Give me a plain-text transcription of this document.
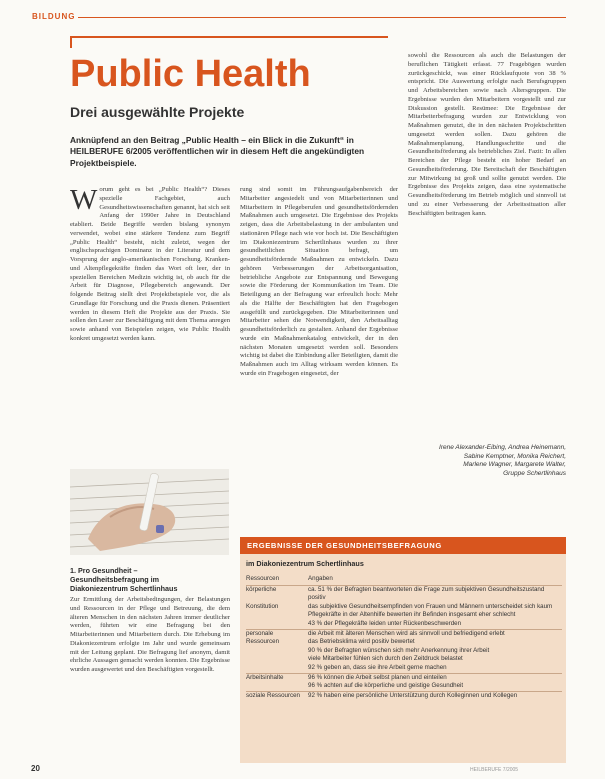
BILDUNG
Public Health
Drei ausgewählte Projekte
Anknüpfend an den Beitrag „Public Health – ein Blick in die Zukunft“ in HEILBERUFE 6/2005 veröffentlichen wir in diesem Heft die angekündigten Projektbeispiele.
Worum geht es bei „Public Health“? Dieses spezielle Fachgebiet, auch Gesundheitswissenschaften genannt, hat sich seit Anfang der 1990er Jahre in Deutschland etabliert. Beide Begriffe werden bislang synonym verwendet, wobei eine stärkere Tendenz zum Begriff „Public Health“ besteht, nicht zuletzt, wegen der englischsprachigen Dominanz in der Literatur und dem Vorsprung der anglo-amerikanischen Forschung. Kranken- und Altenpflegekräfte finden das Wort oft leer, der in speziellen Bereichen Medizin wichtig ist, ob auch für die Arbeit für Diagnose, Pflegebereich angewandt. Der folgende Beitrag stellt drei Projektbeispiele vor, die als Grundlage für Forschung und die Praxis dienen. Präsentiert werden in diesem Heft die Projekte aus der Praxis. Sie sollen den Leser zur Beschäftigung mit dem Thema anregen sowie anhand von Beispielen zeigen, wie Public Health konkret umgesetzt werden kann.
1. Pro Gesundheit –
Gesundheitsbefragung im
Diakoniezentrum Schertlinhaus
Zur Ermittlung der Arbeitsbedingungen, der Belastungen und Ressourcen in der Pflege und Betreuung, die dem älteren Menschen in den nächsten Jahren immer deutlicher werden, führten wir eine Befragung bei den Mitarbeiterinnen und Mitarbeitern durch. Die Erhebung im Diakoniezentrum erfolgte im Jahr und wurde gemeinsam mit der Leitung geplant. Die Befragung lief anonym, damit ehrliche Aussagen gemacht werden konnten. Die Ergebnisse wurden ausgewertet und den Beschäftigten vorgestellt.
rung sind somit im Führungsaufgabenbereich der Mitarbeiter angesiedelt und von Mitarbeiterinnen und Mitarbeitern in Pflegeberufen und gesundheitsfördernden Maßnahmen auch umgesetzt. Die Ergebnisse des Projekts zeigen, dass die Arbeitsbelastung in der ambulanten und stationären Pflege nach wie vor hoch ist. Die Beschäftigten im Diakoniezentrum Schertlinhaus wurden zu ihrer gesundheitlichen Situation befragt, um gesundheitsfördernde Maßnahmen zu entwickeln. Dazu gehören Verbesserungen der Arbeitsorganisation, betriebliche Angebote zur Entspannung und Bewegung sowie die Förderung der Kommunikation im Team. Die Beteiligung an der Befragung war erfreulich hoch: Mehr als die Hälfte der Beschäftigten hat den Fragebogen ausgefüllt und zurückgegeben. Die Mitarbeiterinnen und Mitarbeiter sehen die Notwendigkeit, den Arbeitsalltag gesundheitsförderlich zu gestalten. Anhand der Ergebnisse wurde ein Maßnahmenkatalog entwickelt, der in den nächsten Monaten umgesetzt werden soll. Besonders wichtig ist dabei die Einbindung aller Beteiligten, damit die Maßnahmen auch im Alltag wirksam werden können. Es wurde ein Fragebogen eingesetzt, der
sowohl die Ressourcen als auch die Belastungen der beruflichen Tätigkeit erfasst. 77 Fragebögen wurden zurückgeschickt, was einer Rücklaufquote von 38 % entspricht. Die Auswertung erfolgte nach Berufsgruppen und Arbeitsbereichen sowie nach Altersgruppen. Die Ergebnisse wurden den Mitarbeitern vorgestellt und zur Diskussion gestellt. Resümee: Die Ergebnisse der Mitarbeiterbefragung wurden zur Entwicklung von Maßnahmen genutzt, die in den nächsten Projektschritten umgesetzt werden sollen. Dazu gehören die Maßnahmenplanung, Handlungsschritte und die Gesundheitsförderung als betriebliches Ziel. Fazit: In allen Bereichen der Pflege besteht ein hoher Bedarf an Gesundheitsförderung. Die Bereitschaft der Beschäftigten zur Mitwirkung ist groß und sollte genutzt werden. Die Ergebnisse des Projekts zeigen, dass eine systematische Gesundheitsförderung im Betrieb möglich und sinnvoll ist und zu einer Verbesserung der Arbeitssituation aller Beschäftigten beitragen kann.
Irene Alexander-Eibing, Andrea Heinemann,
Sabine Kemptner, Monika Reichert,
Marlene Wagner, Margarete Walter,
Gruppe Schertlinhaus
ERGEBNISSE DER GESUNDHEITSBEFRAGUNG
im Diakoniezentrum Schertlinhaus
Ressourcen	Angaben
körperliche	ca. 51 % der Befragten beantworteten die Frage zum subjektiven Gesundheitszustand positiv
Konstitution	das subjektive Gesundheitsempfinden von Frauen und Männern unterscheidet sich kaum
	Pflegekräfte in der Altenhilfe bewerten ihr Befinden insgesamt eher schlecht
	43 % der Pflegekräfte leiden unter Rückenbeschwerden
personale	die Arbeit mit älteren Menschen wird als sinnvoll und befriedigend erlebt
Ressourcen	das Betriebsklima wird positiv bewertet
	90 % der Befragten wünschen sich mehr Anerkennung ihrer Arbeit
	viele Mitarbeiter fühlen sich durch den Zeitdruck belastet
	92 % geben an, dass sie ihre Arbeit gerne machen
Arbeitsinhalte	96 % können die Arbeit selbst planen und einteilen
	96 % achten auf die körperliche und geistige Gesundheit
soziale Ressourcen	92 % haben eine persönliche Unterstützung durch Kolleginnen und Kollegen
20	HEILBERUFE 7/2005
